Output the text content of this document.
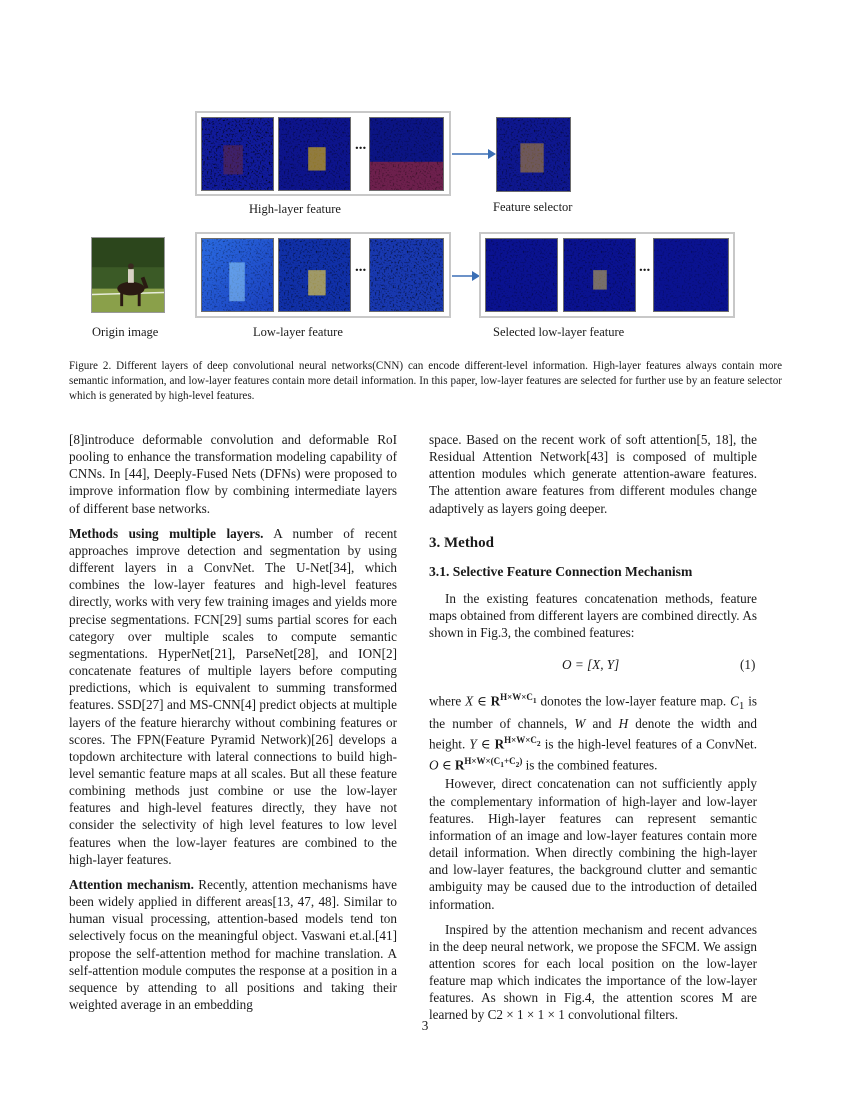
...
High-layer feature	Feature selector
Origin image
...
Low-layer feature
...
Selected low-layer feature
Figure 2. Different layers of deep convolutional neural networks(CNN) can encode different-level information. High-layer features always contain more semantic information, and low-layer features contain more detail information. In this paper, low-layer features are selected for further use by an feature selector which is generated by high-level features.

[8]introduce deformable convolution and deformable RoI pooling to enhance the transformation modeling capability of CNNs. In [44], Deeply-Fused Nets (DFNs) were proposed to improve information flow by combining intermediate layers of different base networks.

Methods using multiple layers. A number of recent approaches improve detection and segmentation by using different layers in a ConvNet. The U-Net[34], which combines the low-layer features and high-level features directly, works with very few training images and yields more precise segmentations. FCN[29] sums partial scores for each category over multiple scales to compute semantic segmentations. HyperNet[21], ParseNet[28], and ION[2] concatenate features of multiple layers before computing predictions, which is equivalent to summing transformed features. SSD[27] and MS-CNN[4] predict objects at multiple layers of the feature hierarchy without combining features or scores. The FPN(Feature Pyramid Network)[26] develops a topdown architecture with lateral connections to build high-level semantic feature maps at all scales. But all these feature combining methods just combine or use the low-layer features and high-level features directly, they have not consider the selectivity of high level features to low level features when the low-layer features are combined to the high-layer features.

Attention mechanism. Recently, attention mechanisms have been widely applied in different areas[13, 47, 48]. Similar to human visual processing, attention-based models tend ton selectively focus on the meaningful object. Vaswani et.al.[41] propose the self-attention method for machine translation. A self-attention module computes the response at a position in a sequence by attending to all positions and taking their weighted average in an embedding

space. Based on the recent work of soft attention[5, 18], the Residual Attention Network[43] is composed of multiple attention modules which generate attention-aware features. The attention aware features from different modules change adaptively as layers going deeper.

3. Method
3.1. Selective Feature Connection Mechanism

In the existing features concatenation methods, feature maps obtained from different layers are combined directly. As shown in Fig.3, the combined features:

O = [X, Y]	(1)

where X ∈ $R^{H\times W\times C_1}$ donotes the low-layer feature map. $C_1$ is the number of channels, W and H denote the width and height. Y ∈ $R^{H\times W\times C_2}$ is the high-level features of a ConvNet. O ∈ $R^{H\times W\times(C_1+C_2)}$ is the combined features.

However, direct concatenation can not sufficiently apply the complementary information of high-layer and low-layer features. High-layer features can represent semantic information of an image and low-layer features contain more detail information. When directly combining the high-layer and low-layer features, the background clutter and semantic ambiguity may be caused due to the introduction of detailed information.

Inspired by the attention mechanism and recent advances in the deep neural network, we propose the SFCM. We assign attention scores for each local position on the low-layer feature map which indicates the importance of the low-layer features. As shown in Fig.4, the attention scores M are learned by C2 × 1 × 1 × 1 convolutional filters.

3
